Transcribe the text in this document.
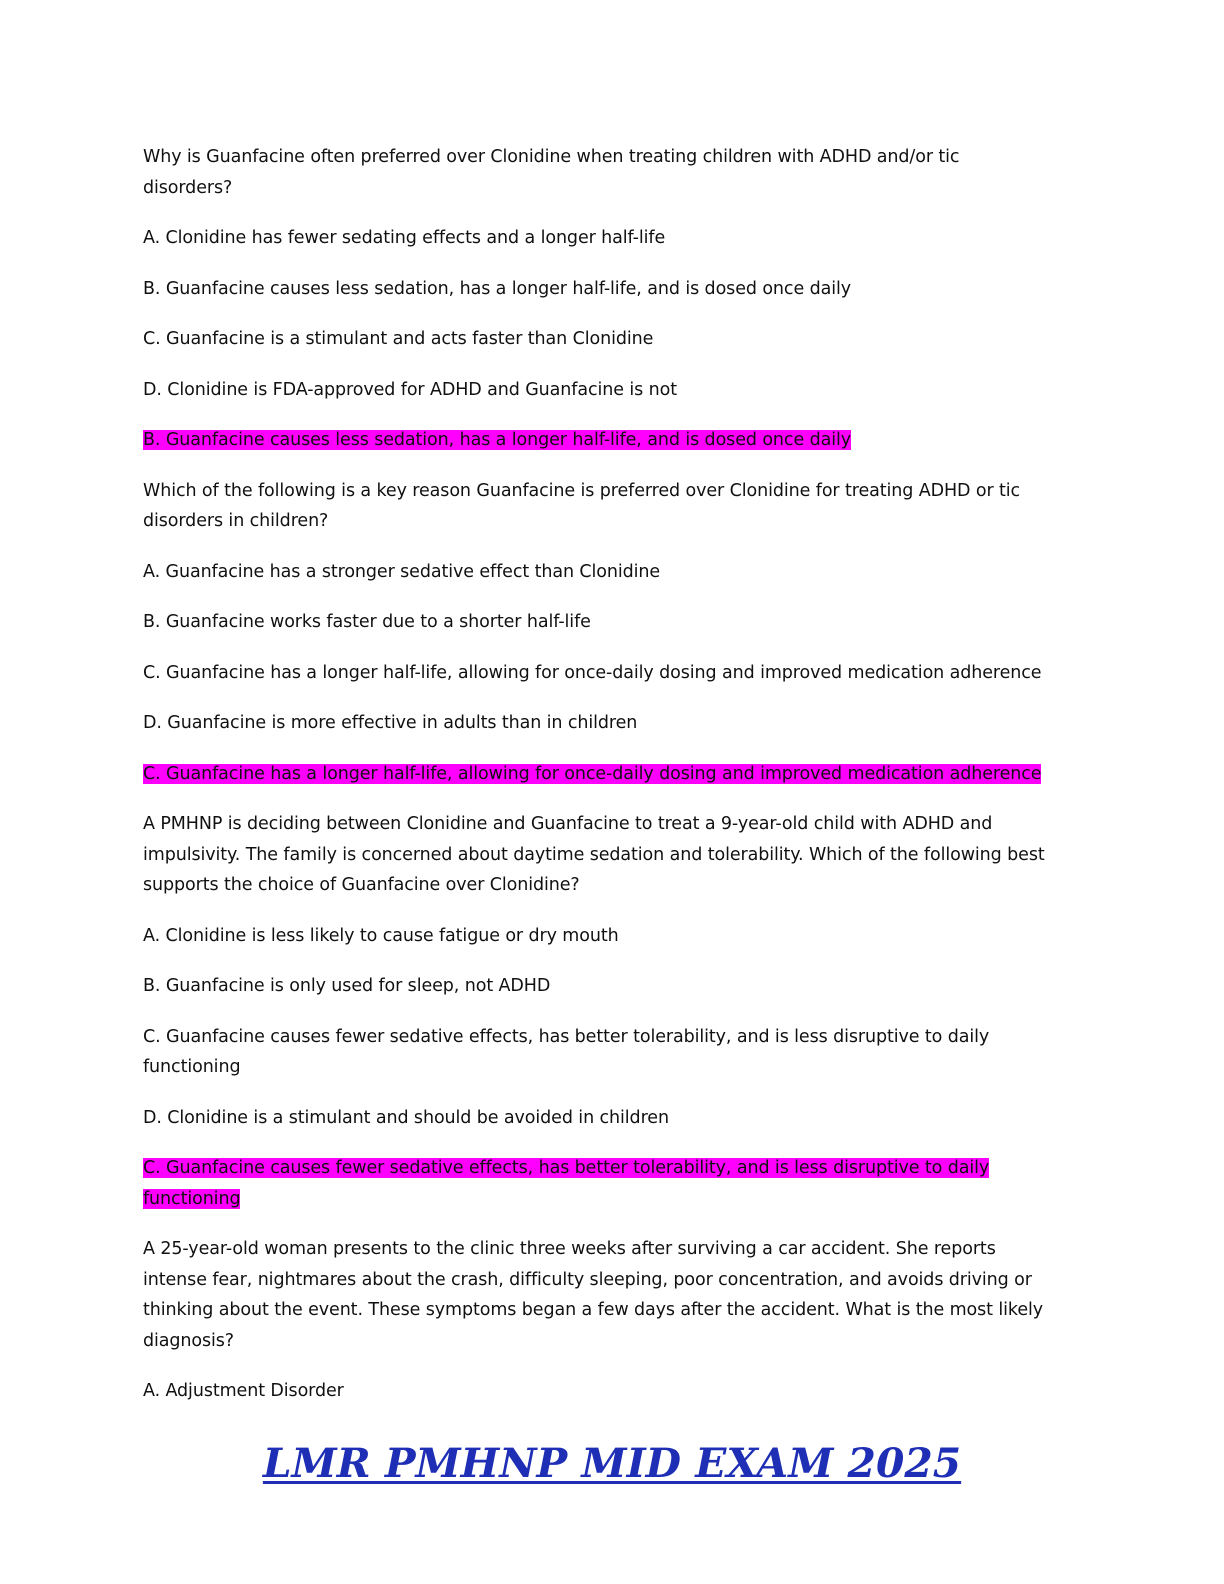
Why is Guanfacine often preferred over Clonidine when treating children with ADHD and/or tic disorders?

A. Clonidine has fewer sedating effects and a longer half-life

B. Guanfacine causes less sedation, has a longer half-life, and is dosed once daily

C. Guanfacine is a stimulant and acts faster than Clonidine

D. Clonidine is FDA-approved for ADHD and Guanfacine is not

B. Guanfacine causes less sedation, has a longer half-life, and is dosed once daily

Which of the following is a key reason Guanfacine is preferred over Clonidine for treating ADHD or tic disorders in children?

A. Guanfacine has a stronger sedative effect than Clonidine

B. Guanfacine works faster due to a shorter half-life

C. Guanfacine has a longer half-life, allowing for once-daily dosing and improved medication adherence

D. Guanfacine is more effective in adults than in children

C. Guanfacine has a longer half-life, allowing for once-daily dosing and improved medication adherence

A PMHNP is deciding between Clonidine and Guanfacine to treat a 9-year-old child with ADHD and impulsivity. The family is concerned about daytime sedation and tolerability. Which of the following best supports the choice of Guanfacine over Clonidine?

A. Clonidine is less likely to cause fatigue or dry mouth

B. Guanfacine is only used for sleep, not ADHD

C. Guanfacine causes fewer sedative effects, has better tolerability, and is less disruptive to daily functioning

D. Clonidine is a stimulant and should be avoided in children

C. Guanfacine causes fewer sedative effects, has better tolerability, and is less disruptive to daily functioning

A 25-year-old woman presents to the clinic three weeks after surviving a car accident. She reports intense fear, nightmares about the crash, difficulty sleeping, poor concentration, and avoids driving or thinking about the event. These symptoms began a few days after the accident. What is the most likely diagnosis?

A. Adjustment Disorder

LMR PMHNP MID EXAM 2025
